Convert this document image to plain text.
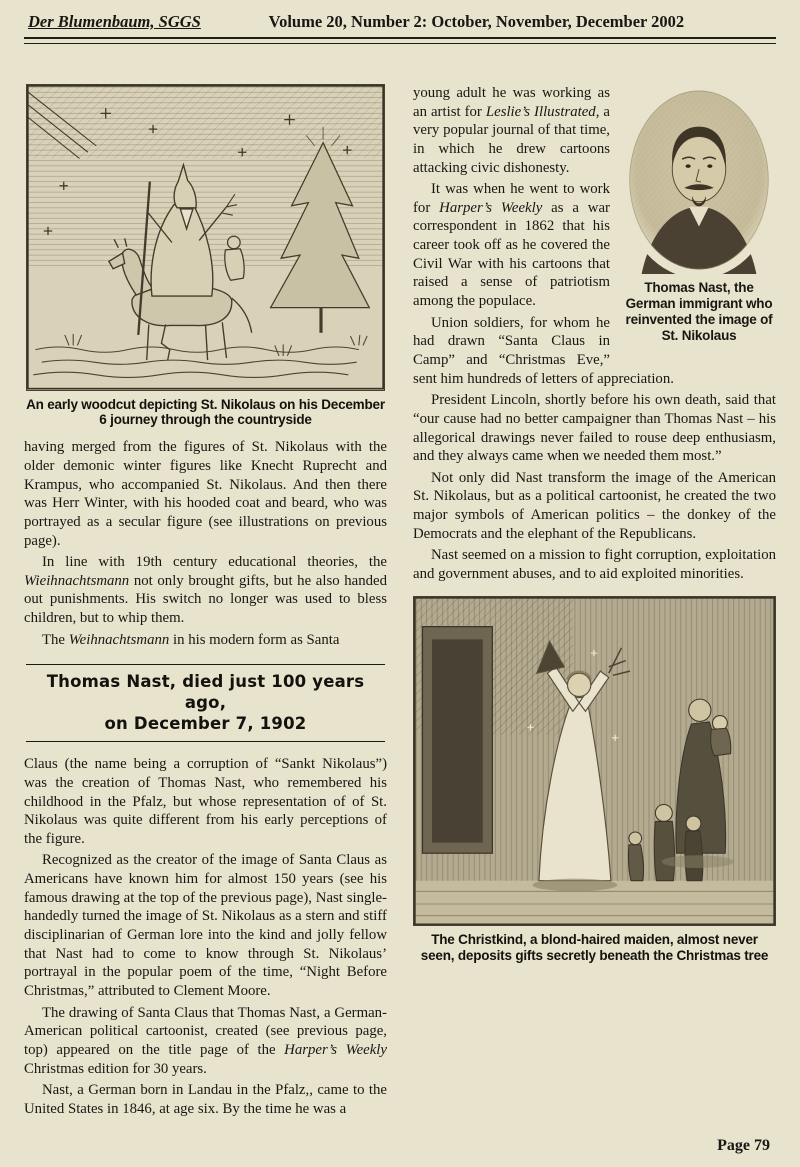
Der Blumenbaum, SGGS	Volume 20, Number 2: October, November, December 2002
An early woodcut depicting St. Nikolaus on his December 6 journey through the countryside

having merged from the figures of St. Nikolaus with the older demonic winter figures like Knecht Ruprecht and Krampus, who accompanied St. Nikolaus. And then there was Herr Winter, with his hooded coat and beard, who was portrayed as a secular figure (see illustrations on previous page).

In line with 19th century educational theories, the Wieihnachtsmann not only brought gifts, but he also handed out punishments. His switch no longer was used to bless children, but to whip them.

The Weihnachtsmann in his modern form as Santa

Thomas Nast, died just 100 years ago,
on December 7, 1902

Claus (the name being a corruption of “Sankt Nikolaus”) was the creation of Thomas Nast, who remembered his childhood in the Pfalz, but whose representation of of St. Nikolaus was quite different from his early perceptions of the figure.

Recognized as the creator of the image of Santa Claus as Americans have known him for almost 150 years (see his famous drawing at the top of the previous page), Nast single-handedly turned the image of St. Nikolaus as a stern and stiff disciplinarian of German lore into the kind and jolly fellow that Nast had to come to know through St. Nikolaus’ portrayal in the popular poem of the time, “Night Before Christmas,” attributed to Clement Moore.

The drawing of Santa Claus that Thomas Nast, a German-American political cartoonist, created (see previous page, top) appeared on the title page of the Harper’s Weekly Christmas edition for 30 years.

Nast, a German born in Landau in the Pfalz,, came to the United States in 1846, at age six. By the time he was a

Thomas Nast, the German immigrant who reinvented the image of St. Nikolaus

young adult he was working as an artist for Leslie’s Illustrated, a very popular journal of that time, in which he drew cartoons attacking civic dishonesty.

It was when he went to work for Harper’s Weekly as a war correspondent in 1862 that his career took off as he covered the Civil War with his cartoons that raised a sense of patriotism among the populace.

Union soldiers, for whom he had drawn “Santa Claus in Camp” and “Christmas Eve,” sent him hundreds of letters of appreciation.

President Lincoln, shortly before his own death, said that “our cause had no better campaigner than Thomas Nast – his allegorical drawings never failed to rouse deep enthusiasm, and they always came when we needed them most.”

Not only did Nast transform the image of the American St. Nikolaus, but as a political cartoonist, he created the two major symbols of American politics – the donkey of the Democrats and the elephant of the Republicans.

Nast seemed on a mission to fight corruption, exploitation and government abuses, and to aid exploited minorities.

The Christkind, a blond-haired maiden, almost never seen, deposits gifts secretly beneath the Christmas tree
Page 79
